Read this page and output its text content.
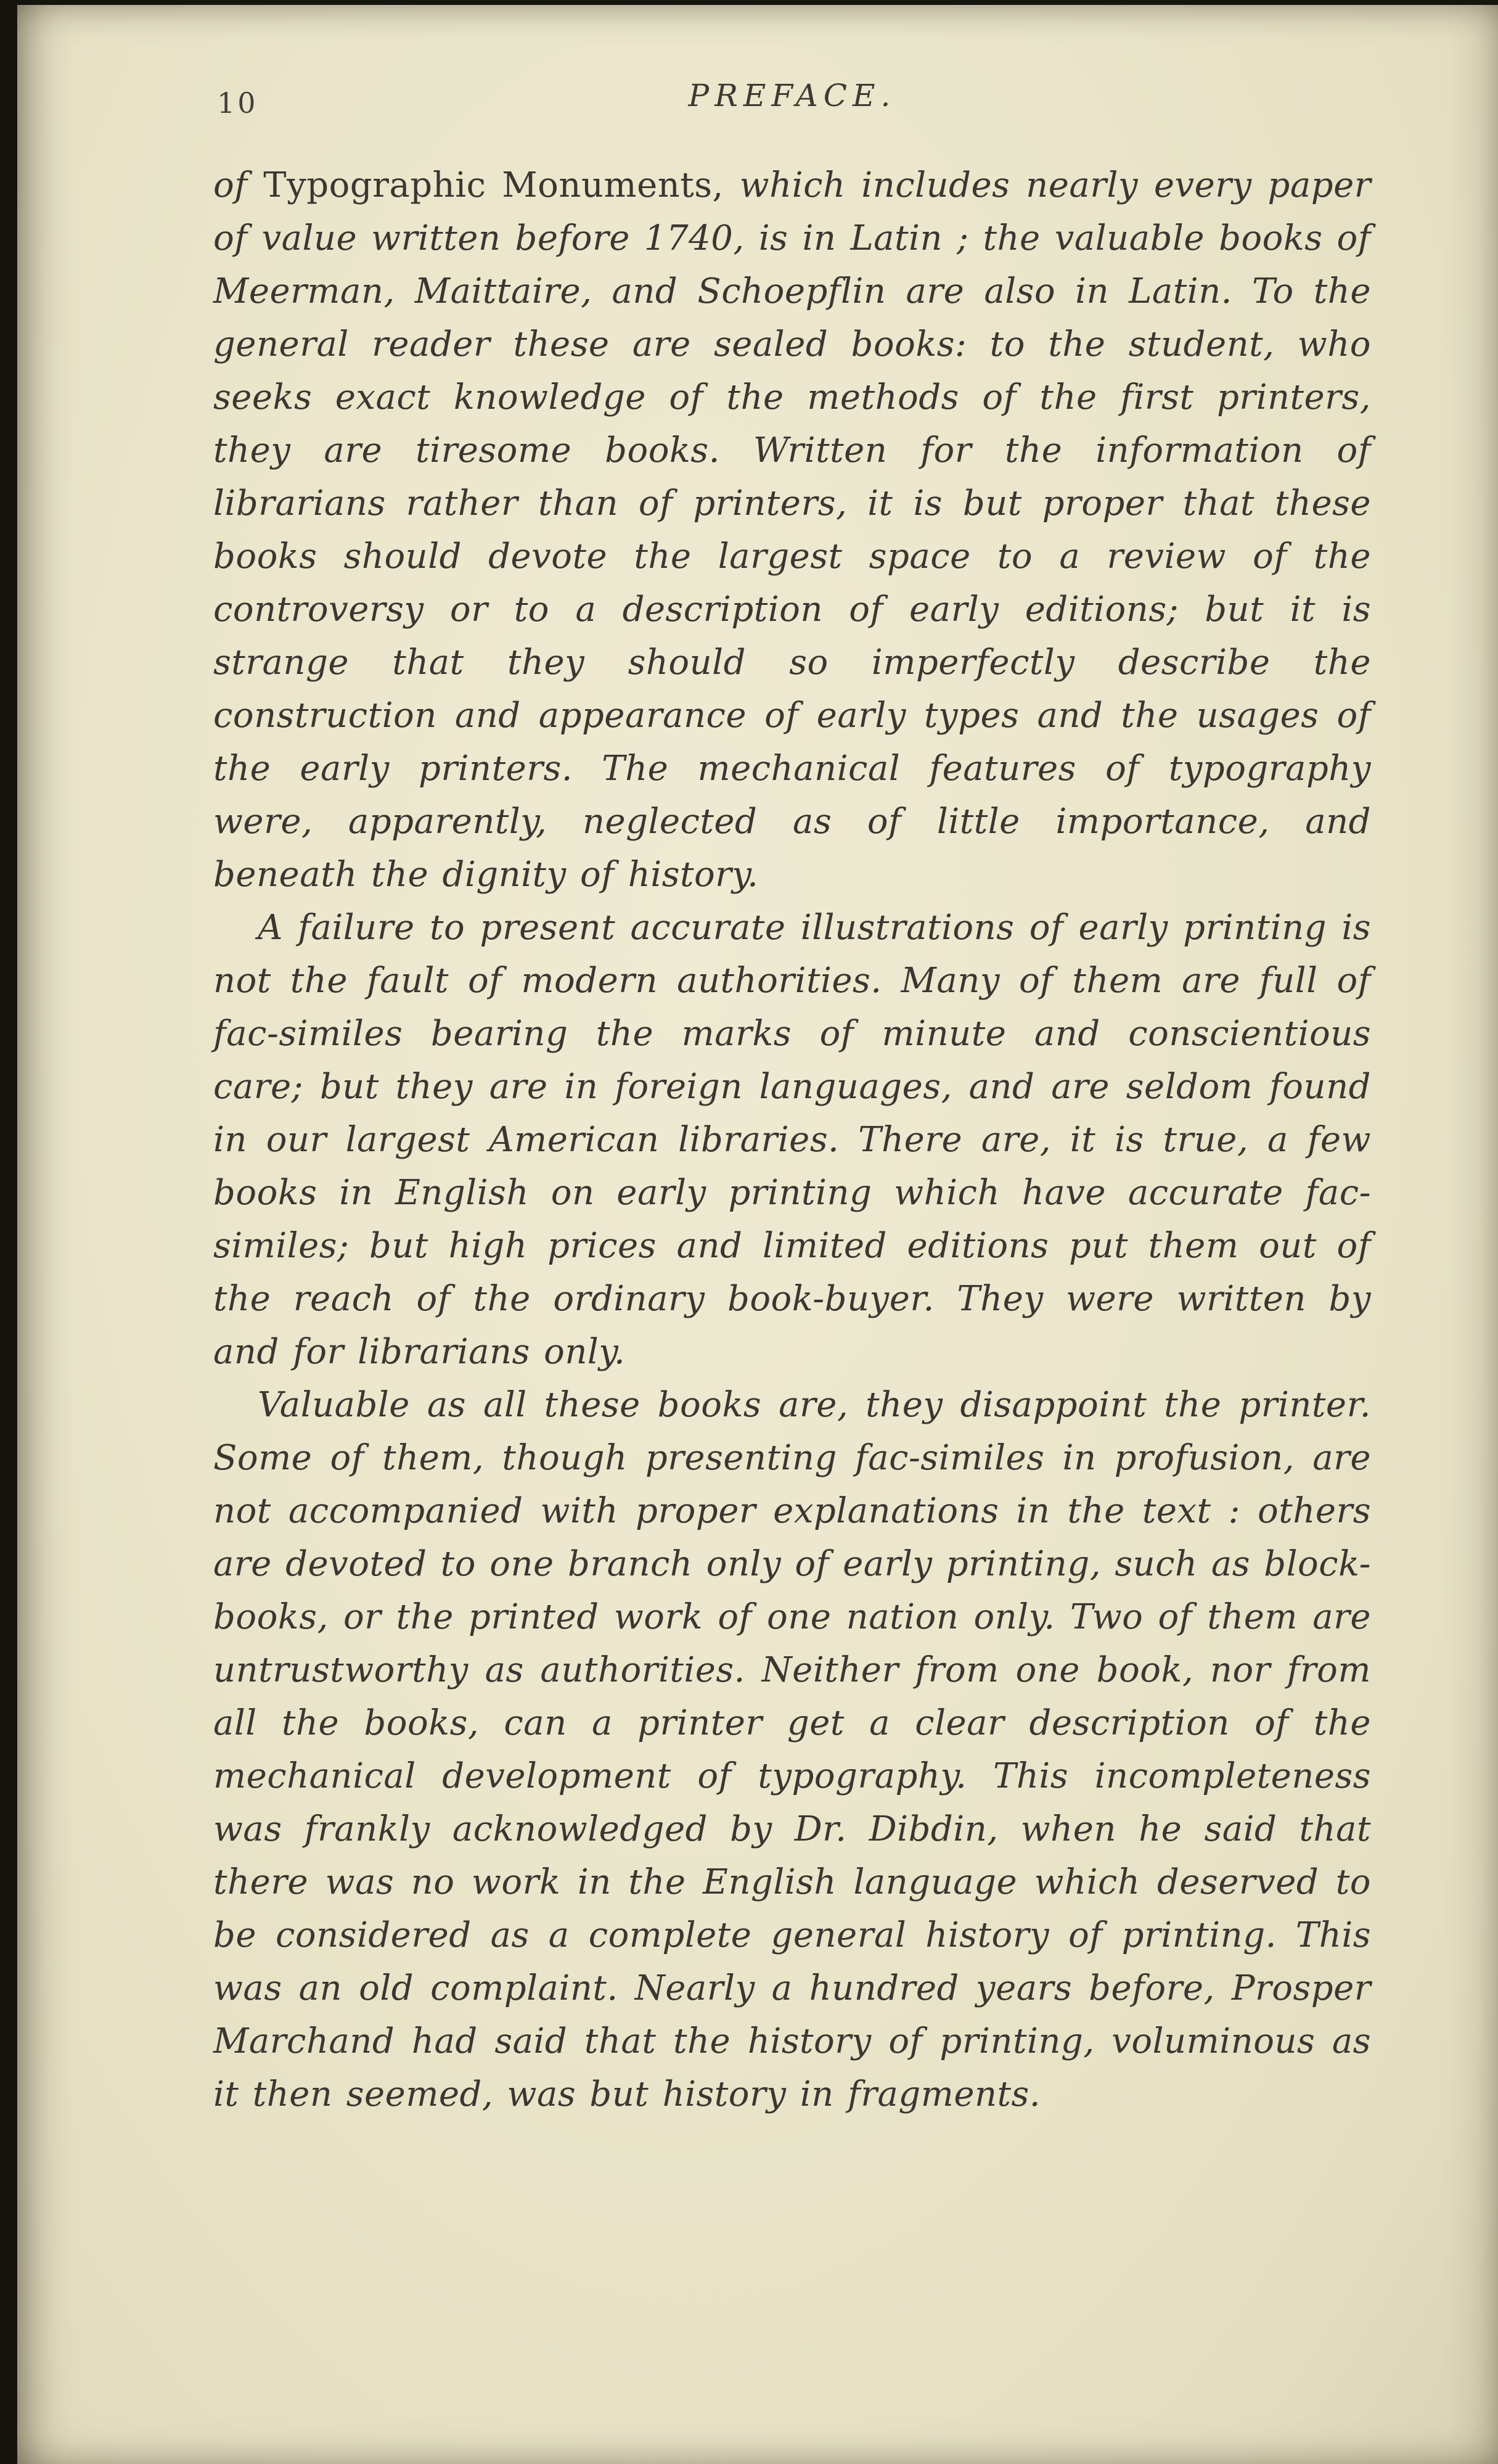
10	PREFACE.

of Typographic Monuments, which includes nearly every paper of value written before 1740, is in Latin ; the valuable books of Meerman, Maittaire, and Schoepflin are also in Latin. To the general reader these are sealed books: to the student, who seeks exact knowledge of the methods of the first printers, they are tiresome books. Written for the information of librarians rather than of printers, it is but proper that these books should devote the largest space to a review of the controversy or to a description of early editions; but it is strange that they should so imperfectly describe the construction and appearance of early types and the usages of the early printers. The mechanical features of typography were, apparently, neglected as of little importance, and beneath the dignity of history.

A failure to present accurate illustrations of early printing is not the fault of modern authorities. Many of them are full of fac-similes bearing the marks of minute and conscientious care; but they are in foreign languages, and are seldom found in our largest American libraries. There are, it is true, a few books in English on early printing which have accurate fac-similes; but high prices and limited editions put them out of the reach of the ordinary book-buyer. They were written by and for librarians only.

Valuable as all these books are, they disappoint the printer. Some of them, though presenting fac-similes in profusion, are not accompanied with proper explanations in the text : others are devoted to one branch only of early printing, such as block-books, or the printed work of one nation only. Two of them are untrustworthy as authorities. Neither from one book, nor from all the books, can a printer get a clear description of the mechanical development of typography. This incompleteness was frankly acknowledged by Dr. Dibdin, when he said that there was no work in the English language which deserved to be considered as a complete general history of printing. This was an old complaint. Nearly a hundred years before, Prosper Marchand had said that the history of printing, voluminous as it then seemed, was but history in fragments.
